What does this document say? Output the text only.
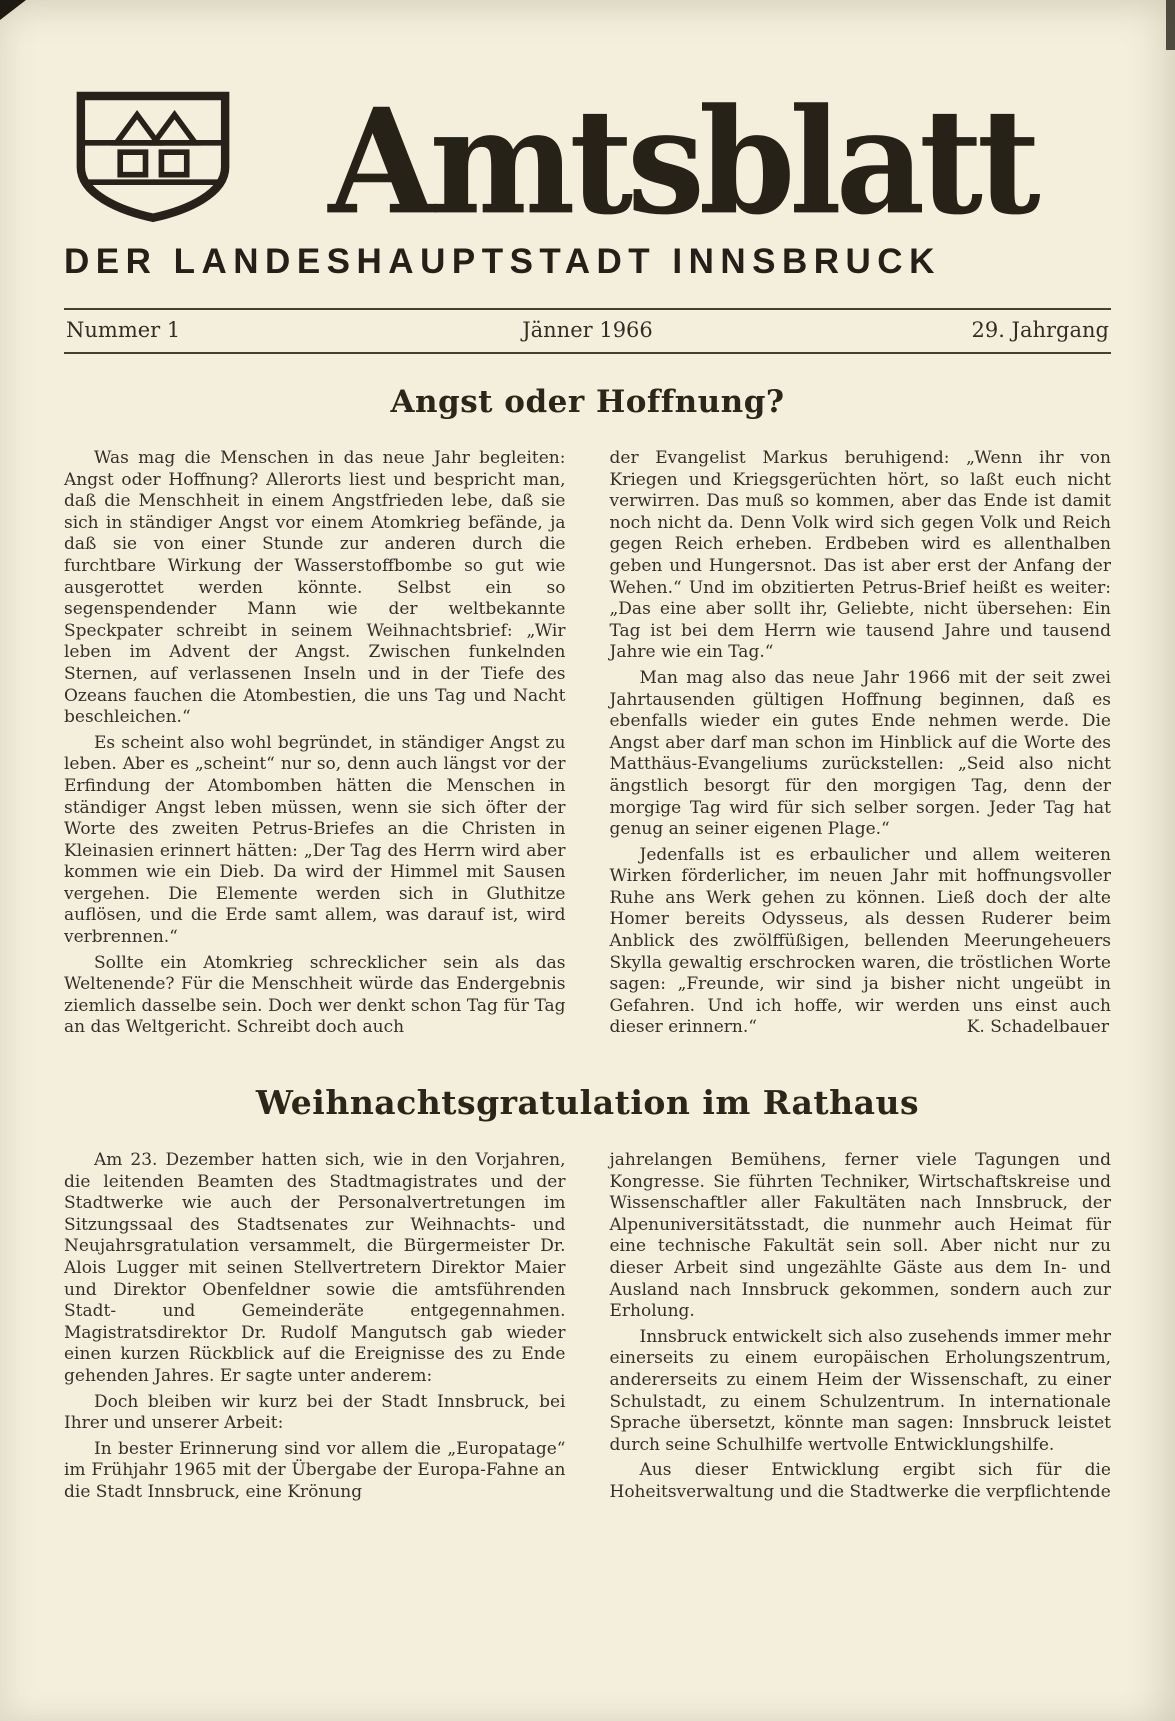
Amtsblatt
DER LANDESHAUPTSTADT INNSBRUCK
Nummer 1	Jänner 1966	29. Jahrgang
Angst oder Hoffnung?

Was mag die Menschen in das neue Jahr begleiten: Angst oder Hoffnung? Allerorts liest und bespricht man, daß die Menschheit in einem Angstfrieden lebe, daß sie sich in ständiger Angst vor einem Atomkrieg befände, ja daß sie von einer Stunde zur anderen durch die furchtbare Wirkung der Wasserstoffbombe so gut wie ausgerottet werden könnte. Selbst ein so segenspendender Mann wie der weltbekannte Speckpater schreibt in seinem Weihnachtsbrief: „Wir leben im Advent der Angst. Zwischen funkelnden Sternen, auf verlassenen Inseln und in der Tiefe des Ozeans fauchen die Atombestien, die uns Tag und Nacht beschleichen.“

Es scheint also wohl begründet, in ständiger Angst zu leben. Aber es „scheint“ nur so, denn auch längst vor der Erfindung der Atombomben hätten die Menschen in ständiger Angst leben müssen, wenn sie sich öfter der Worte des zweiten Petrus-Briefes an die Christen in Kleinasien erinnert hätten: „Der Tag des Herrn wird aber kommen wie ein Dieb. Da wird der Himmel mit Sausen vergehen. Die Elemente werden sich in Gluthitze auflösen, und die Erde samt allem, was darauf ist, wird verbrennen.“

Sollte ein Atomkrieg schrecklicher sein als das Weltenende? Für die Menschheit würde das Endergebnis ziemlich dasselbe sein. Doch wer denkt schon Tag für Tag an das Weltgericht. Schreibt doch auch

der Evangelist Markus beruhigend: „Wenn ihr von Kriegen und Kriegsgerüchten hört, so laßt euch nicht verwirren. Das muß so kommen, aber das Ende ist damit noch nicht da. Denn Volk wird sich gegen Volk und Reich gegen Reich erheben. Erdbeben wird es allenthalben geben und Hungersnot. Das ist aber erst der Anfang der Wehen.“ Und im obzitierten Petrus-Brief heißt es weiter: „Das eine aber sollt ihr, Geliebte, nicht übersehen: Ein Tag ist bei dem Herrn wie tausend Jahre und tausend Jahre wie ein Tag.“

Man mag also das neue Jahr 1966 mit der seit zwei Jahrtausenden gültigen Hoffnung beginnen, daß es ebenfalls wieder ein gutes Ende nehmen werde. Die Angst aber darf man schon im Hinblick auf die Worte des Matthäus-Evangeliums zurückstellen: „Seid also nicht ängstlich besorgt für den morgigen Tag, denn der morgige Tag wird für sich selber sorgen. Jeder Tag hat genug an seiner eigenen Plage.“

Jedenfalls ist es erbaulicher und allem weiteren Wirken förderlicher, im neuen Jahr mit hoffnungsvoller Ruhe ans Werk gehen zu können. Ließ doch der alte Homer bereits Odysseus, als dessen Ruderer beim Anblick des zwölffüßigen, bellenden Meerungeheuers Skylla gewaltig erschrocken waren, die tröstlichen Worte sagen: „Freunde, wir sind ja bisher nicht ungeübt in Gefahren. Und ich hoffe, wir werden uns einst auch dieser erinnern.“	K. Schadelbauer

Weihnachtsgratulation im Rathaus

Am 23. Dezember hatten sich, wie in den Vorjahren, die leitenden Beamten des Stadtmagistrates und der Stadtwerke wie auch der Personalvertretungen im Sitzungssaal des Stadtsenates zur Weihnachts- und Neujahrsgratulation versammelt, die Bürgermeister Dr. Alois Lugger mit seinen Stellvertretern Direktor Maier und Direktor Obenfeldner sowie die amtsführenden Stadt- und Gemeinderäte entgegennahmen. Magistratsdirektor Dr. Rudolf Mangutsch gab wieder einen kurzen Rückblick auf die Ereignisse des zu Ende gehenden Jahres. Er sagte unter anderem:

Doch bleiben wir kurz bei der Stadt Innsbruck, bei Ihrer und unserer Arbeit:

In bester Erinnerung sind vor allem die „Europatage“ im Frühjahr 1965 mit der Übergabe der Europa-Fahne an die Stadt Innsbruck, eine Krönung

jahrelangen Bemühens, ferner viele Tagungen und Kongresse. Sie führten Techniker, Wirtschaftskreise und Wissenschaftler aller Fakultäten nach Innsbruck, der Alpenuniversitätsstadt, die nunmehr auch Heimat für eine technische Fakultät sein soll. Aber nicht nur zu dieser Arbeit sind ungezählte Gäste aus dem In- und Ausland nach Innsbruck gekommen, sondern auch zur Erholung.

Innsbruck entwickelt sich also zusehends immer mehr einerseits zu einem europäischen Erholungszentrum, andererseits zu einem Heim der Wissenschaft, zu einer Schulstadt, zu einem Schulzentrum. In internationale Sprache übersetzt, könnte man sagen: Innsbruck leistet durch seine Schulhilfe wertvolle Entwicklungshilfe.

Aus dieser Entwicklung ergibt sich für die Hoheitsverwaltung und die Stadtwerke die verpflichtende
